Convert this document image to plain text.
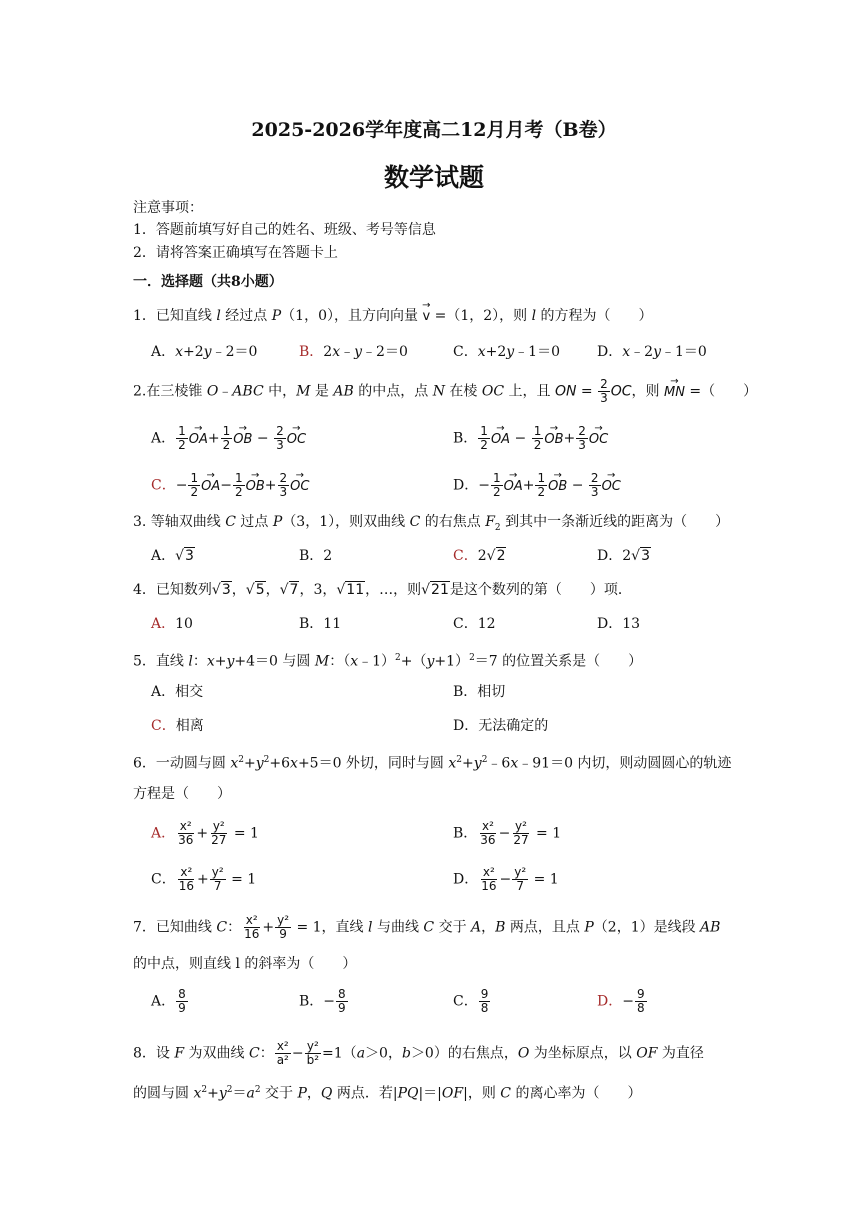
2025-2026学年度高二12月月考（B卷）
数学试题
注意事项：
1．答题前填写好自己的姓名、班级、考号等信息
2．请将答案正确填写在答题卡上
一．选择题（共8小题）
1．已知直线 l 经过点 P（1，0），且方向向量 → v =（1，2），则 l 的方程为（　　）
A．x+2y﹣2＝0	B．2x﹣y﹣2＝0	C．x+2y﹣1＝0	D．x﹣2y﹣1＝0
2.在三棱锥 O﹣ABC 中，M 是 AB 的中点，点 N 在棱 OC 上，且 ON = $\frac{2}{3}$ OC，则 → MN =（　　）
A． $\frac{1}{2}$
→ $OA+ \frac{1}{2}$
→ OB − $\frac{2}{3}$
→ OC	B． $\frac{1}{2}$
→ OA − $\frac{1}{2}$
→ $OB+ \frac{2}{3}$
→ OC
C．− $\frac{1}{2}$
→ $OA- \frac{1}{2}$
→ $OB+ \frac{2}{3}$
→ OC	D．− $\frac{1}{2}$
→ $OA+ \frac{1}{2}$
→ OB − $\frac{2}{3}$
→ OC
3. 等轴双曲线 C 过点 P（3，1），则双曲线 C 的右焦点 $F_2$ 到其中一条渐近线的距离为（　　）
A．√3	B．2	C．2√2	D．2√3
4．已知数列√3，√5，√7，3，√11，…，则√21是这个数列的第（　　）项．
A．10	B．11	C．12	D．13
5．直线 l：x+y+4＝0 与圆 M：$(x﹣1)^2+(y+1)^2=7$ 的位置关系是（　　）
A．相交	B．相切
C．相离	D．无法确定的
6．一动圆与圆 $x^2+y^2+6x+5=0$ 外切，同时与圆 $x^2+y^2﹣6x﹣91=0$ 内切，则动圆圆心的轨迹
方程是（　　）
A． $\frac{\text{x²}}{36} + \frac{\text{y²}}{27} = 1$	B． $\frac{\text{x²}}{36} - \frac{\text{y²}}{27} = 1$
C． $\frac{\text{x²}}{16} + \frac{\text{y²}}{7} = 1$	D． $\frac{\text{x²}}{16} - \frac{\text{y²}}{7} = 1$
7．已知曲线 C： $\frac{\text{x²}}{16} + \frac{\text{y²}}{9} = 1$，直线 l 与曲线 C 交于 A，B 两点，且点 P（2，1）是线段 AB
的中点，则直线 l 的斜率为（　　）
A． $\frac{8}{9}$	B．− $\frac{8}{9}$	C． $\frac{9}{8}$	D．− $\frac{9}{8}$
8．设 F 为双曲线 C： $\frac{\text{x²}}{\text{a²}} - \frac{\text{y²}}{\text{b²}} =1(a>0$，b＞0）的右焦点，O 为坐标原点，以 OF 为直径
的圆与圆 $x^2+y^2=a^2$ 交于 P，Q 两点．若|PQ|＝|OF|，则 C 的离心率为（　　）
